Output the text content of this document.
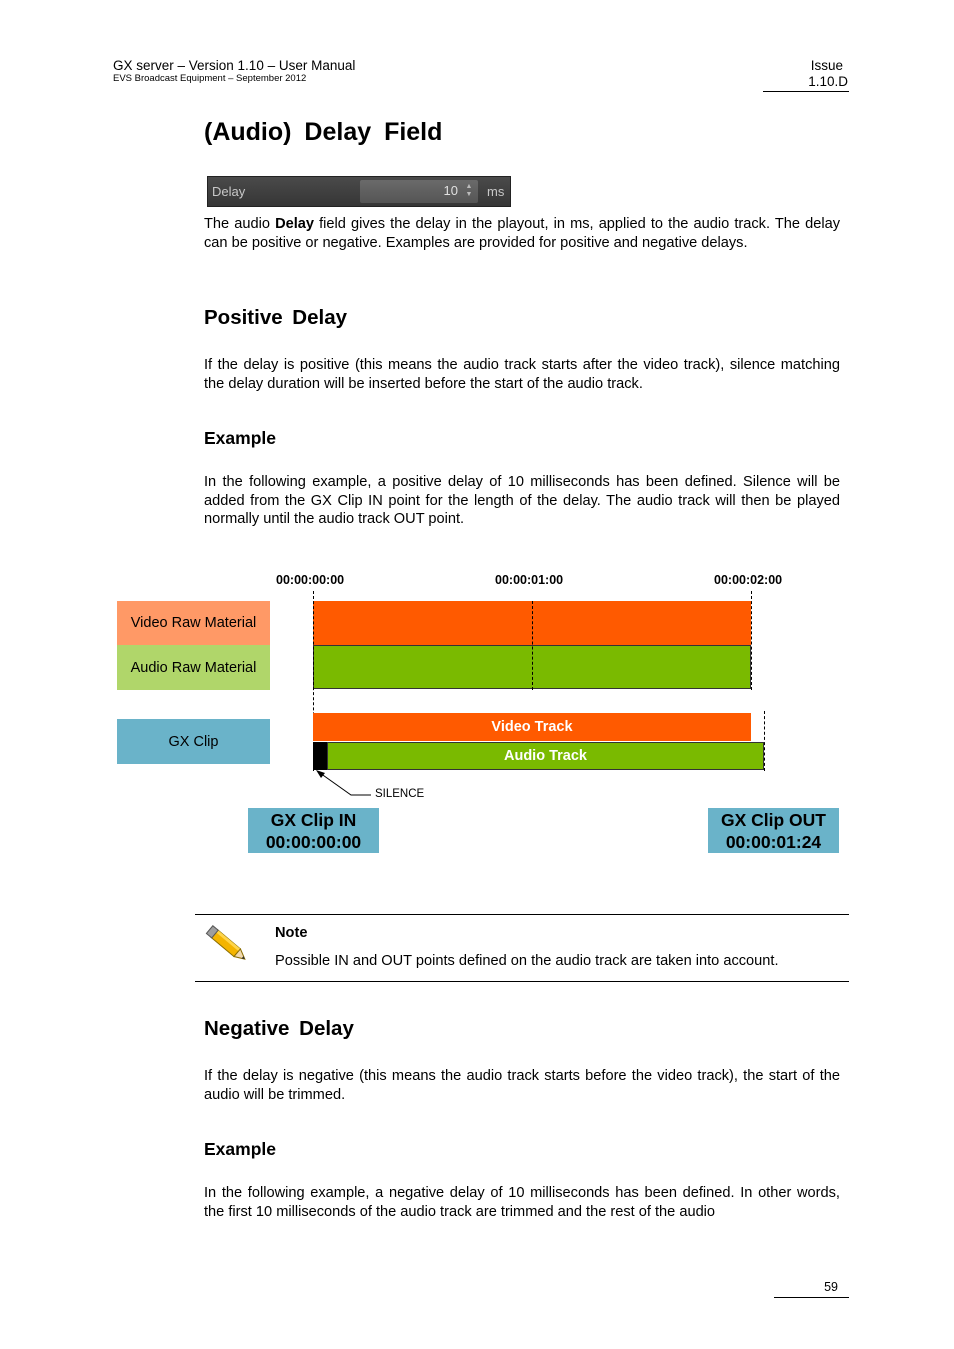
GX server – Version 1.10 – User Manual
EVS Broadcast Equipment – September 2012
Issue
1.10.D
(Audio) Delay Field
Delay	10	▲
▼ ms
The audio Delay field gives the delay in the playout, in ms, applied to the audio track. The delay can be positive or negative. Examples are provided for positive and negative delays.
Positive Delay
If the delay is positive (this means the audio track starts after the video track), silence matching the delay duration will be inserted before the start of the audio track.
Example
In the following example, a positive delay of 10 milliseconds has been defined. Silence will be added from the GX Clip IN point for the length of the delay. The audio track will then be played normally until the audio track OUT point.
00:00:00:00	00:00:01:00	00:00:02:00
Video Raw Material
Audio Raw Material
GX Clip
Video Track
Audio Track
SILENCE
GX Clip IN
00:00:00:00
GX Clip OUT
00:00:01:24
Note
Possible IN and OUT points defined on the audio track are taken into account.
Negative Delay
If the delay is negative (this means the audio track starts before the video track), the start of the audio will be trimmed.
Example
In the following example, a negative delay of 10 milliseconds has been defined. In other words, the first 10 milliseconds of the audio track are trimmed and the rest of the audio
59
